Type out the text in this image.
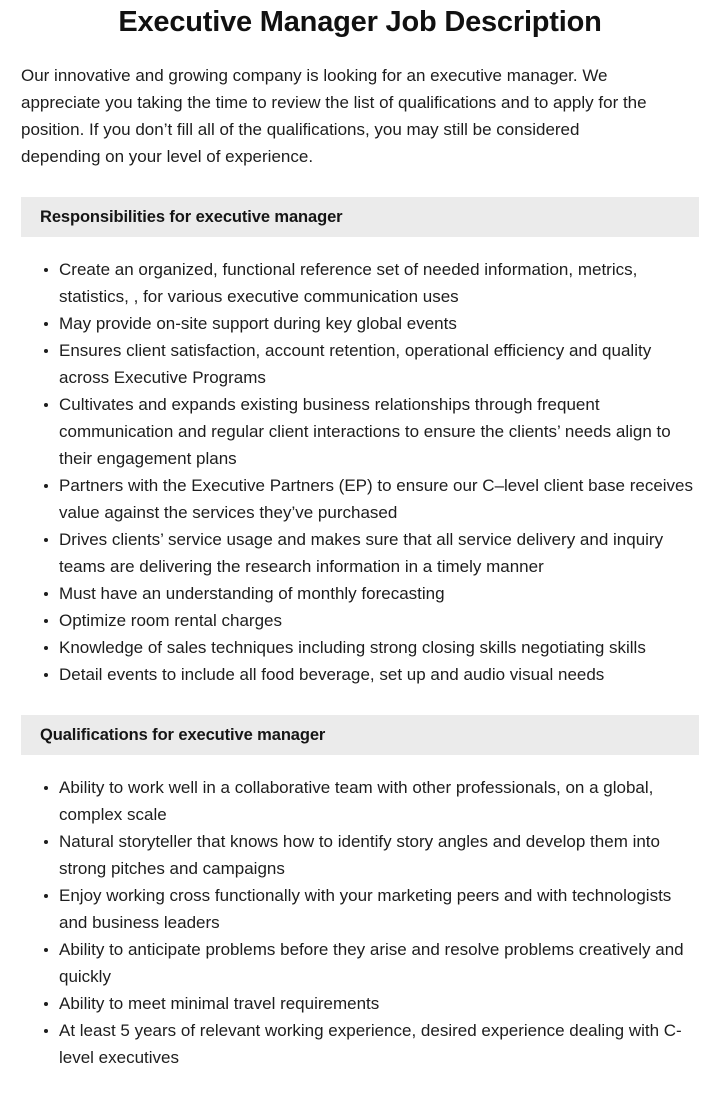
Executive Manager Job Description

Our innovative and growing company is looking for an executive manager. We appreciate you taking the time to review the list of qualifications and to apply for the position. If you don’t fill all of the qualifications, you may still be considered depending on your level of experience.

Responsibilities for executive manager
Create an organized, functional reference set of needed information, metrics, statistics, , for various executive communication uses
May provide on-site support during key global events
Ensures client satisfaction, account retention, operational efficiency and quality across Executive Programs
Cultivates and expands existing business relationships through frequent communication and regular client interactions to ensure the clients’ needs align to their engagement plans
Partners with the Executive Partners (EP) to ensure our C–level client base receives value against the services they’ve purchased
Drives clients’ service usage and makes sure that all service delivery and inquiry teams are delivering the research information in a timely manner
Must have an understanding of monthly forecasting
Optimize room rental charges
Knowledge of sales techniques including strong closing skills negotiating skills
Detail events to include all food beverage, set up and audio visual needs
Qualifications for executive manager
Ability to work well in a collaborative team with other professionals, on a global, complex scale
Natural storyteller that knows how to identify story angles and develop them into strong pitches and campaigns
Enjoy working cross functionally with your marketing peers and with technologists and business leaders
Ability to anticipate problems before they arise and resolve problems creatively and quickly
Ability to meet minimal travel requirements
At least 5 years of relevant working experience, desired experience dealing with C-level executives
